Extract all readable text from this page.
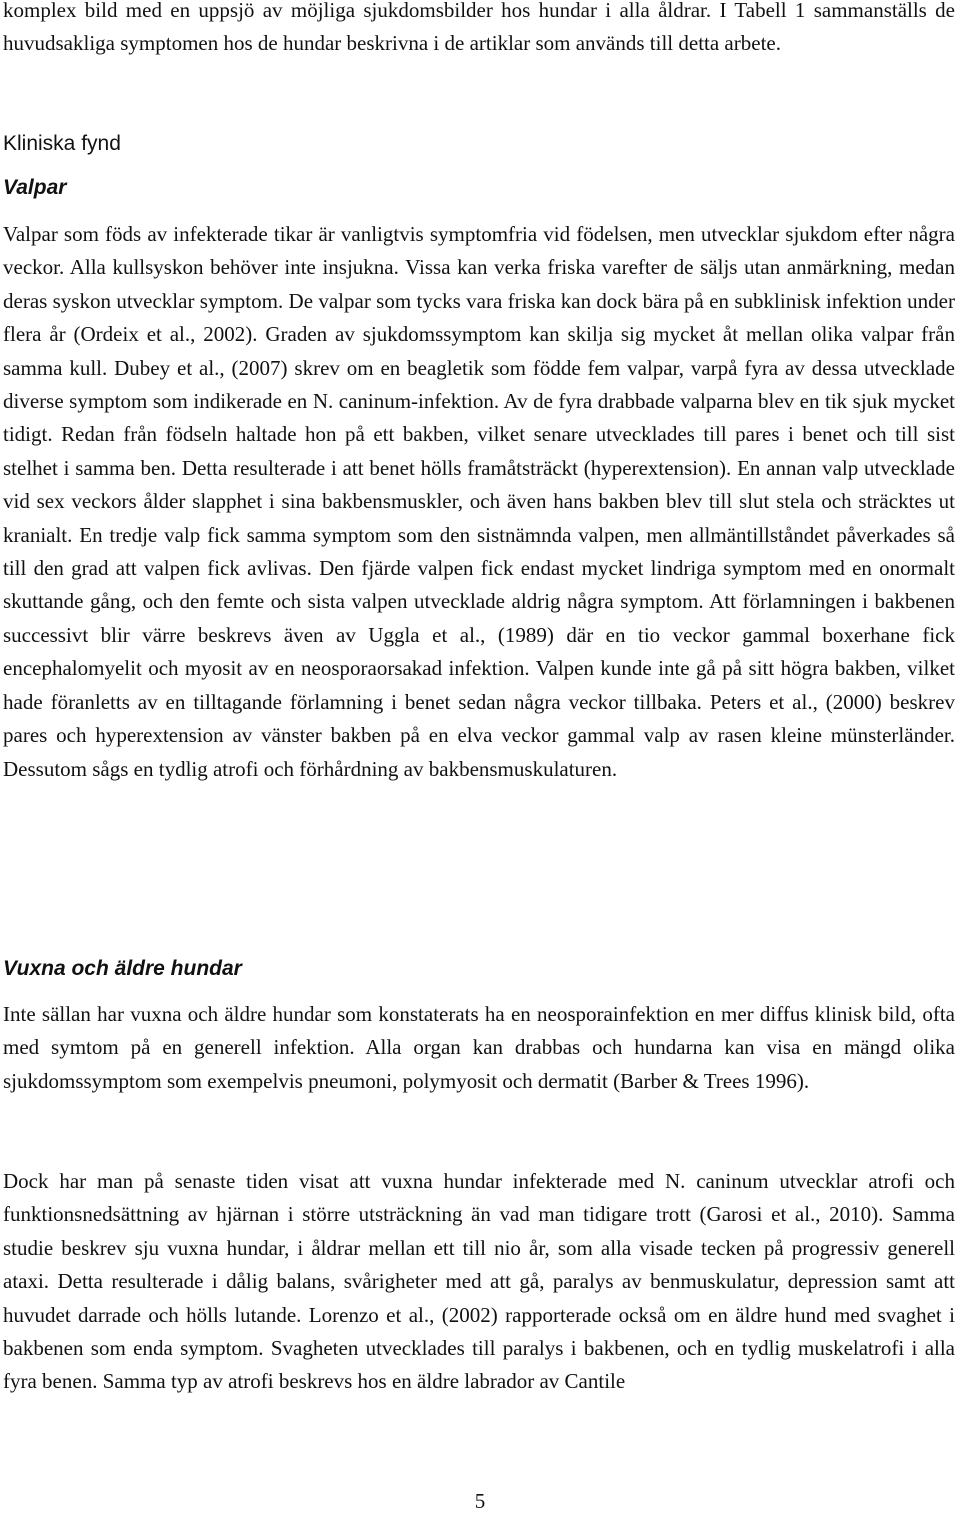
komplex bild med en uppsjö av möjliga sjukdomsbilder hos hundar i alla åldrar. I Tabell 1 sammanställs de huvudsakliga symptomen hos de hundar beskrivna i de artiklar som används till detta arbete.

Kliniska fynd
Valpar

Valpar som föds av infekterade tikar är vanligtvis symptomfria vid födelsen, men utvecklar sjukdom efter några veckor. Alla kullsyskon behöver inte insjukna. Vissa kan verka friska varefter de säljs utan anmärkning, medan deras syskon utvecklar symptom. De valpar som tycks vara friska kan dock bära på en subklinisk infektion under flera år (Ordeix et al., 2002). Graden av sjukdomssymptom kan skilja sig mycket åt mellan olika valpar från samma kull. Dubey et al., (2007) skrev om en beagletik som födde fem valpar, varpå fyra av dessa utvecklade diverse symptom som indikerade en N. caninum-infektion. Av de fyra drabbade valparna blev en tik sjuk mycket tidigt. Redan från födseln haltade hon på ett bakben, vilket senare utvecklades till pares i benet och till sist stelhet i samma ben. Detta resulterade i att benet hölls framåtsträckt (hyperextension). En annan valp utvecklade vid sex veckors ålder slapphet i sina bakbensmuskler, och även hans bakben blev till slut stela och sträcktes ut kranialt. En tredje valp fick samma symptom som den sistnämnda valpen, men allmäntillståndet påverkades så till den grad att valpen fick avlivas. Den fjärde valpen fick endast mycket lindriga symptom med en onormalt skuttande gång, och den femte och sista valpen utvecklade aldrig några symptom. Att förlamningen i bakbenen successivt blir värre beskrevs även av Uggla et al., (1989) där en tio veckor gammal boxerhane fick encephalomyelit och myosit av en neosporaorsakad infektion. Valpen kunde inte gå på sitt högra bakben, vilket hade föranletts av en tilltagande förlamning i benet sedan några veckor tillbaka. Peters et al., (2000) beskrev pares och hyperextension av vänster bakben på en elva veckor gammal valp av rasen kleine münsterländer. Dessutom sågs en tydlig atrofi och förhårdning av bakbensmuskulaturen.

Vuxna och äldre hundar

Inte sällan har vuxna och äldre hundar som konstaterats ha en neosporainfektion en mer diffus klinisk bild, ofta med symtom på en generell infektion. Alla organ kan drabbas och hundarna kan visa en mängd olika sjukdomssymptom som exempelvis pneumoni, polymyosit och dermatit (Barber & Trees 1996).

Dock har man på senaste tiden visat att vuxna hundar infekterade med N. caninum utvecklar atrofi och funktionsnedsättning av hjärnan i större utsträckning än vad man tidigare trott (Garosi et al., 2010). Samma studie beskrev sju vuxna hundar, i åldrar mellan ett till nio år, som alla visade tecken på progressiv generell ataxi. Detta resulterade i dålig balans, svårigheter med att gå, paralys av benmuskulatur, depression samt att huvudet darrade och hölls lutande. Lorenzo et al., (2002) rapporterade också om en äldre hund med svaghet i bakbenen som enda symptom. Svagheten utvecklades till paralys i bakbenen, och en tydlig muskelatrofi i alla fyra benen. Samma typ av atrofi beskrevs hos en äldre labrador av Cantile

5
